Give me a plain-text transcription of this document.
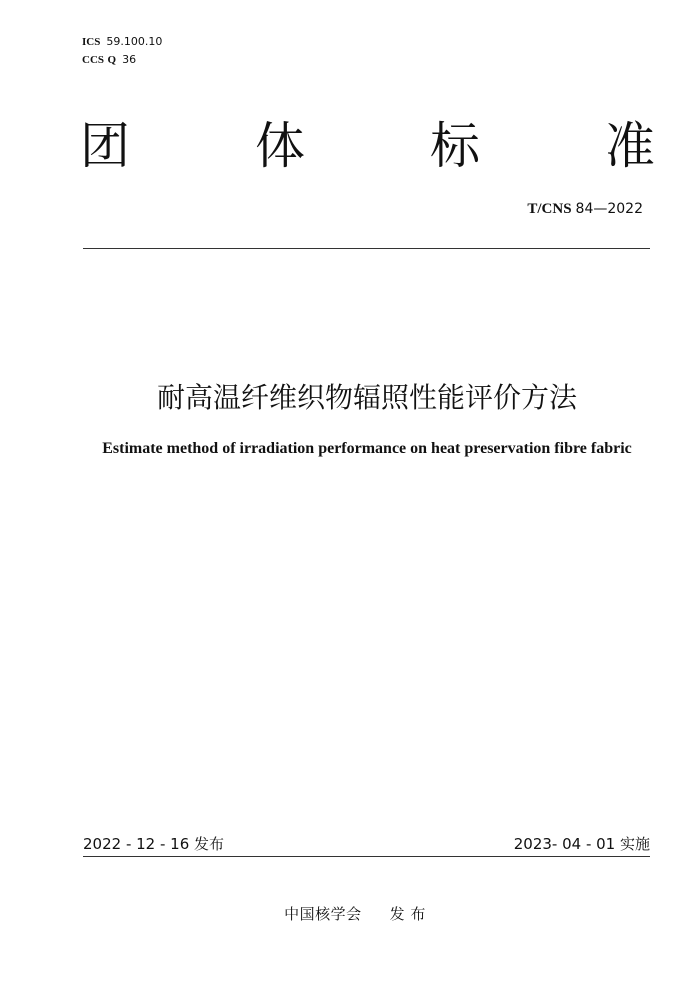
ICS 59.100.10
CCS Q 36
团	体	标	准
T/CNS 84—2022
耐高温纤维织物辐照性能评价方法
Estimate method of irradiation performance on heat preservation fibre fabric
2022 - 12 - 16 发布	2023- 04 - 01 实施
中国核学会 发 布
